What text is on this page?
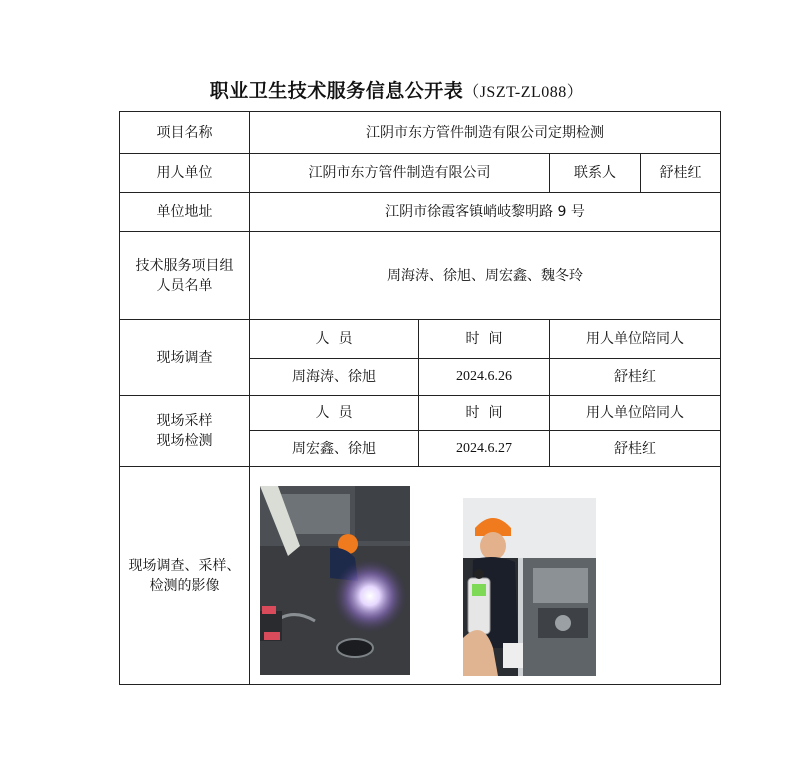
职业卫生技术服务信息公开表（JSZT-ZL088）
项目名称	江阴市东方管件制造有限公司定期检测		
用人单位	江阴市东方管件制造有限公司		联系人 舒桂红

单位地址	江阴市徐霞客镇峭岐黎明路 9 号		

技术服务项目组
人员名单	周海涛、徐旭、周宏鑫、魏冬玲		
现场调查	人  员	时  间	用人单位陪同人
	周海涛、徐旭	2024.6.26	舒桂红

现场采样
现场检测	人  员	时  间	用人单位陪同人
	周宏鑫、徐旭	2024.6.27	舒桂红

现场调查、采样、
检测的影像
